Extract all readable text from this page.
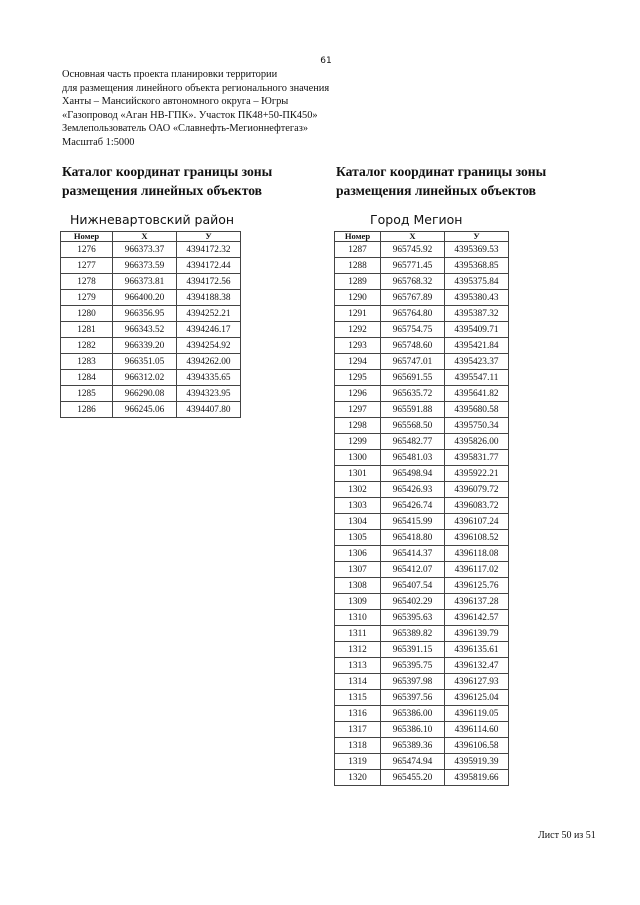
61
Основная часть проекта планировки территории
для размещения линейного объекта регионального значения
Ханты – Мансийского автономного округа – Югры
«Газопровод «Аган НВ-ГПК». Участок ПК48+50-ПК450»
Землепользователь ОАО «Славнефть-Мегионнефтегаз»
Масштаб 1:5000
Каталог координат границы зоны
размещения линейных объектов
Каталог координат границы зоны
размещения линейных объектов
Нижневартовский район	Город Мегион
Номер	X	У
1276	966373.37	4394172.32
1277	966373.59	4394172.44
1278	966373.81	4394172.56
1279	966400.20	4394188.38
1280	966356.95	4394252.21
1281	966343.52	4394246.17
1282	966339.20	4394254.92
1283	966351.05	4394262.00
1284	966312.02	4394335.65
1285	966290.08	4394323.95
1286	966245.06	4394407.80
Номер	X	У
1287	965745.92	4395369.53
1288	965771.45	4395368.85
1289	965768.32	4395375.84
1290	965767.89	4395380.43
1291	965764.80	4395387.32
1292	965754.75	4395409.71
1293	965748.60	4395421.84
1294	965747.01	4395423.37
1295	965691.55	4395547.11
1296	965635.72	4395641.82
1297	965591.88	4395680.58
1298	965568.50	4395750.34
1299	965482.77	4395826.00
1300	965481.03	4395831.77
1301	965498.94	4395922.21
1302	965426.93	4396079.72
1303	965426.74	4396083.72
1304	965415.99	4396107.24
1305	965418.80	4396108.52
1306	965414.37	4396118.08
1307	965412.07	4396117.02
1308	965407.54	4396125.76
1309	965402.29	4396137.28
1310	965395.63	4396142.57
1311	965389.82	4396139.79
1312	965391.15	4396135.61
1313	965395.75	4396132.47
1314	965397.98	4396127.93
1315	965397.56	4396125.04
1316	965386.00	4396119.05
1317	965386.10	4396114.60
1318	965389.36	4396106.58
1319	965474.94	4395919.39
1320	965455.20	4395819.66
Лист 50 из 51
